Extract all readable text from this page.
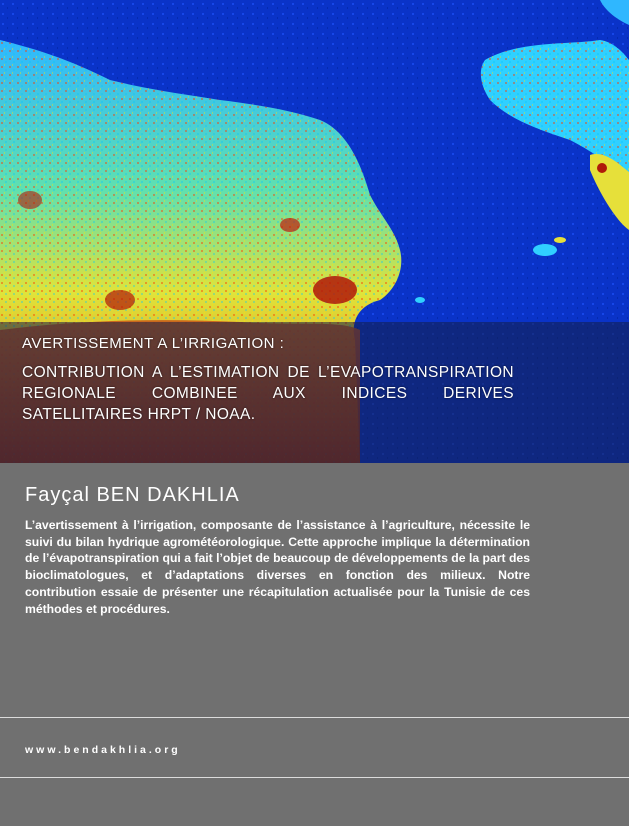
AVERTISSEMENT A L’IRRIGATION :
CONTRIBUTION A L’ESTIMATION DE L’EVAPOTRANSPIRATION REGIONALE COMBINEE AUX INDICES DERIVES SATELLITAIRES HRPT / NOAA.
Fayçal BEN DAKHLIA
L’avertissement à l’irrigation, composante de l’assistance à l’agriculture, nécessite le suivi du bilan hydrique agrométéorologique. Cette approche implique la détermination de l’évapotranspiration qui a fait l’objet de beaucoup de développements de la part des bioclimatologues, et d’adaptations diverses en fonction des milieux. Notre contribution essaie de présenter une récapitulation actualisée pour la Tunisie de ces méthodes et procédures.
www.bendakhlia.org
